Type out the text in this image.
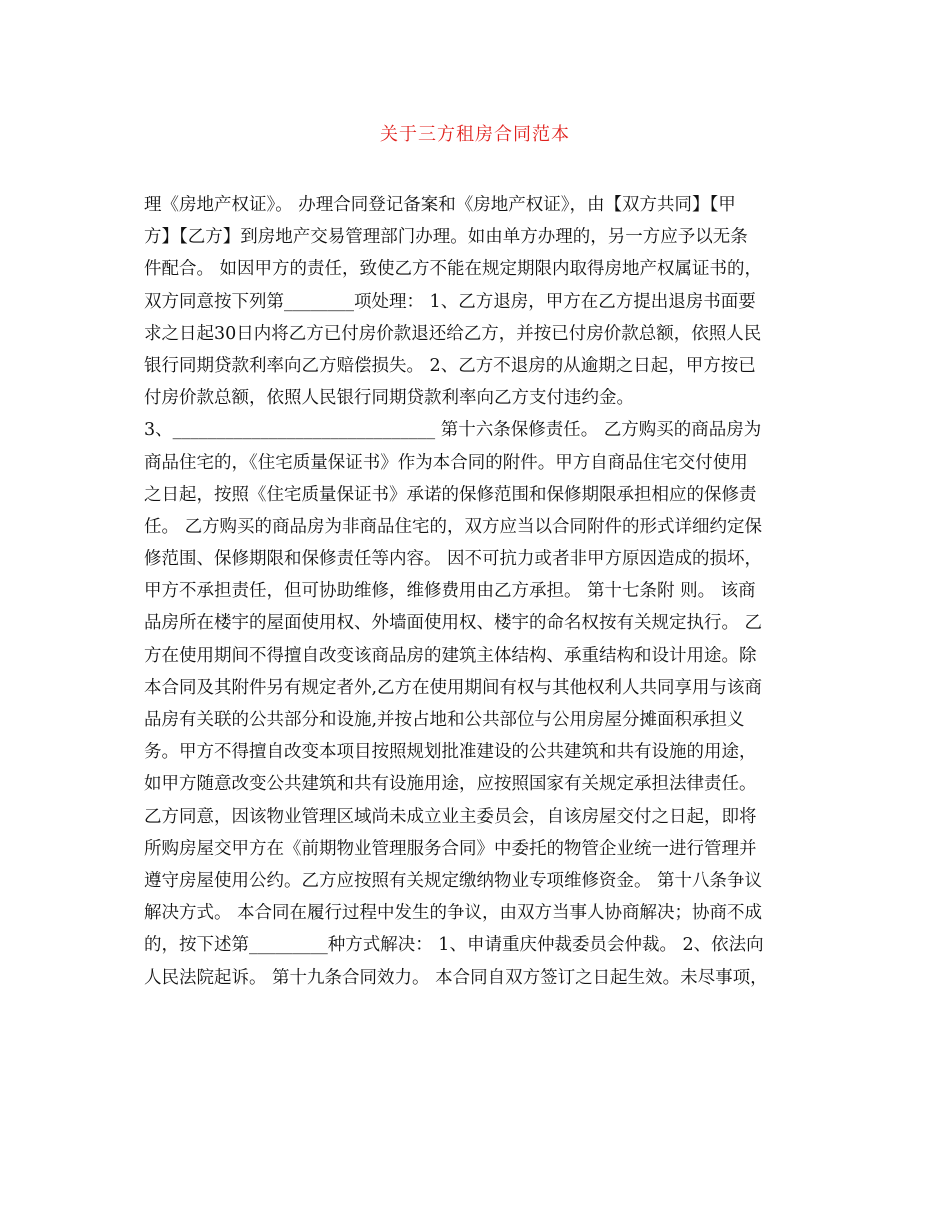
关于三方租房合同范本
理《房地产权证》。 办理合同登记备案和《房地产权证》，由【双方共同】【甲
方】【乙方】到房地产交易管理部门办理。如由单方办理的，另一方应予以无条
件配合。 如因甲方的责任，致使乙方不能在规定期限内取得房地产权属证书的，
双方同意按下列第________项处理： 1、乙方退房，甲方在乙方提出退房书面要
求之日起30日内将乙方已付房价款退还给乙方，并按已付房价款总额，依照人民
银行同期贷款利率向乙方赔偿损失。 2、乙方不退房的从逾期之日起，甲方按已
付房价款总额，依照人民银行同期贷款利率向乙方支付违约金。
3、______________________________ 第十六条保修责任。 乙方购买的商品房为
商品住宅的，《住宅质量保证书》作为本合同的附件。甲方自商品住宅交付使用
之日起，按照《住宅质量保证书》承诺的保修范围和保修期限承担相应的保修责
任。 乙方购买的商品房为非商品住宅的，双方应当以合同附件的形式详细约定保
修范围、保修期限和保修责任等内容。 因不可抗力或者非甲方原因造成的损坏，
甲方不承担责任，但可协助维修，维修费用由乙方承担。 第十七条附 则。 该商
品房所在楼宇的屋面使用权、外墙面使用权、楼宇的命名权按有关规定执行。 乙
方在使用期间不得擅自改变该商品房的建筑主体结构、承重结构和设计用途。除
本合同及其附件另有规定者外,乙方在使用期间有权与其他权利人共同享用与该商
品房有关联的公共部分和设施,并按占地和公共部位与公用房屋分摊面积承担义
务。甲方不得擅自改变本项目按照规划批准建设的公共建筑和共有设施的用途，
如甲方随意改变公共建筑和共有设施用途，应按照国家有关规定承担法律责任。
乙方同意，因该物业管理区域尚未成立业主委员会，自该房屋交付之日起，即将
所购房屋交甲方在《前期物业管理服务合同》中委托的物管企业统一进行管理并
遵守房屋使用公约。乙方应按照有关规定缴纳物业专项维修资金。 第十八条争议
解决方式。 本合同在履行过程中发生的争议，由双方当事人协商解决；协商不成
的，按下述第_________种方式解决： 1、申请重庆仲裁委员会仲裁。 2、依法向
人民法院起诉。 第十九条合同效力。 本合同自双方签订之日起生效。未尽事项，
